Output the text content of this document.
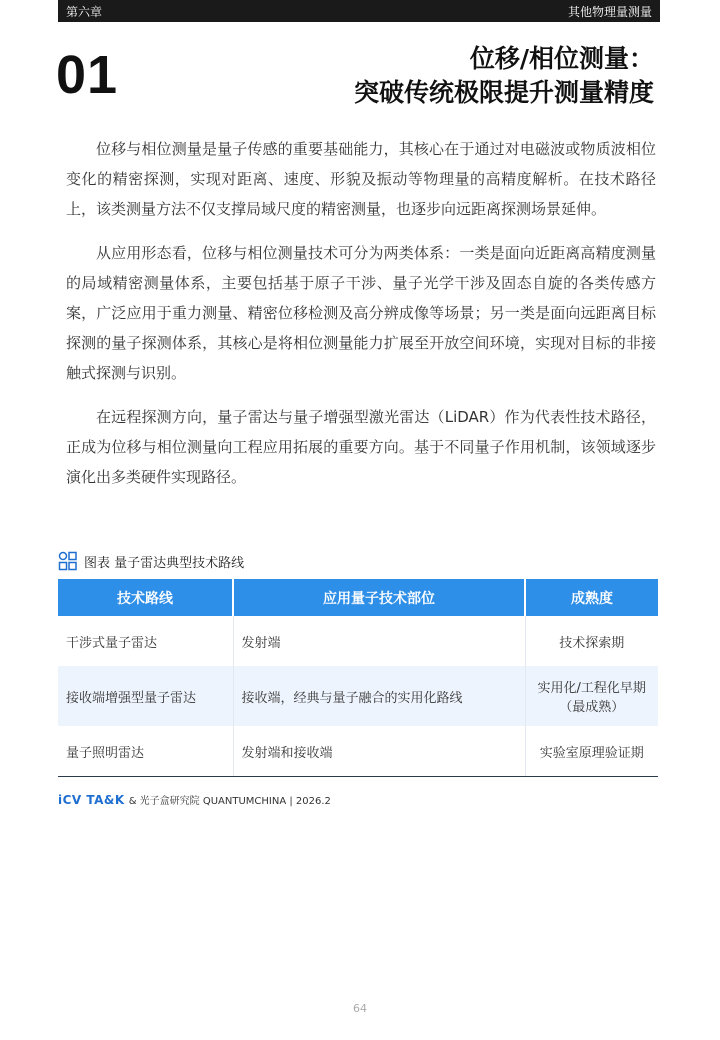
第六章	其他物理量测量
01	位移/相位测量：
突破传统极限提升测量精度

位移与相位测量是量子传感的重要基础能力，其核心在于通过对电磁波或物质波相位变化的精密探测，实现对距离、速度、形貌及振动等物理量的高精度解析。在技术路径上，该类测量方法不仅支撑局域尺度的精密测量，也逐步向远距离探测场景延伸。

从应用形态看，位移与相位测量技术可分为两类体系：一类是面向近距离高精度测量的局域精密测量体系，主要包括基于原子干涉、量子光学干涉及固态自旋的各类传感方案，广泛应用于重力测量、精密位移检测及高分辨成像等场景；另一类是面向远距离目标探测的量子探测体系，其核心是将相位测量能力扩展至开放空间环境，实现对目标的非接触式探测与识别。

在远程探测方向，量子雷达与量子增强型激光雷达（LiDAR）作为代表性技术路径，正成为位移与相位测量向工程应用拓展的重要方向。基于不同量子作用机制，该领域逐步演化出多类硬件实现路径。

图表 量子雷达典型技术路线
技术路线	应用量子技术部位	成熟度
干涉式量子雷达	发射端	技术探索期
接收端增强型量子雷达	接收端，经典与量子融合的实用化路线	实用化/工程化早期（最成熟）
量子照明雷达	发射端和接收端	实验室原理验证期
iCV TA&K & 光子盒研究院 QUANTUMCHINA | 2026.2
64
